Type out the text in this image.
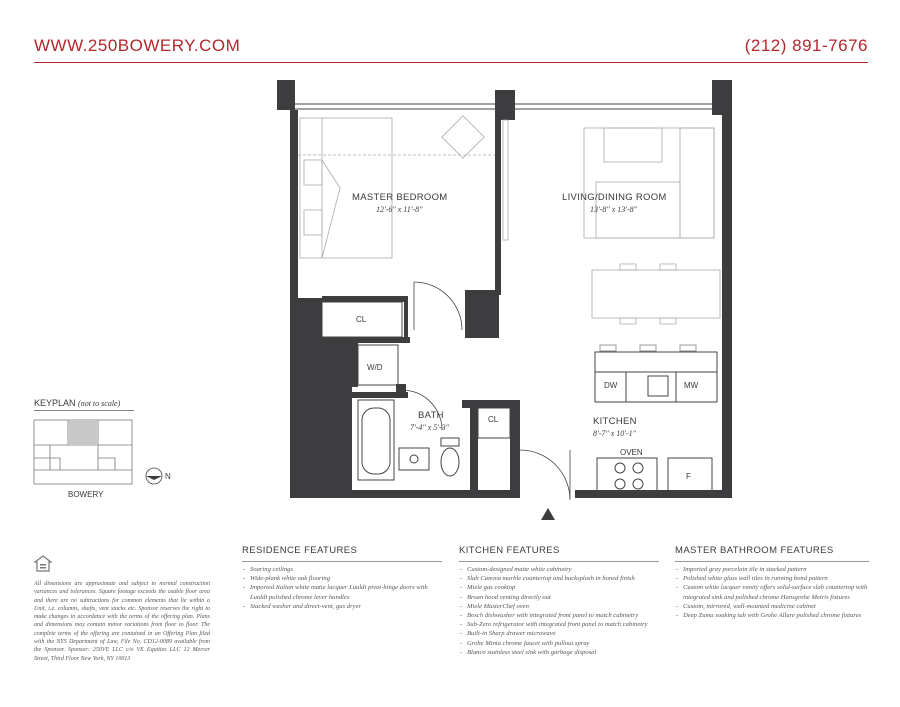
WWW.250BOWERY.COM	(212) 891-7676
MASTER BEDROOM
12'-6" x 11'-8"
LIVING/DINING ROOM
13'-8" x 13'-8"
BATH
7'-4" x 5'-3"
KITCHEN
8'-7" x 10'-1"
CL
CL
W/D
DW	MW
OVEN
F
N
BOWERY
KEYPLAN (not to scale)
All dimensions are approximate and subject to normal construction variances and tolerances. Square footage exceeds the usable floor area and there are no subtractions for common elements that lie within a Unit, i.e. columns, shafts, vent stacks etc. Sponsor reserves the right to make changes in accordance with the terms of the offering plan. Plans and dimensions may contain minor variations from floor to floor. The complete terms of the offering are contained in an Offering Plan filed with the NYS Department of Law, File No. CD12-0089 available from the Sponsor. Sponsor: 250VE LLC c/o VE Equities LLC 12 Mercer Street, Third Floor New York, NY 10013
RESIDENCE FEATURES
- Soaring ceilings
- Wide-plank white oak flooring
- Imported Italian white matte lacquer Lualdi pivot-hinge doors with Lualdi polished chrome lever handles
- Stacked washer and direct-vent, gas dryer
KITCHEN FEATURES
- Custom-designed matte white cabinetry
- Slab Canova marble countertop and backsplash in honed finish
- Miele gas cooktop
- Broan hood venting directly out
- Miele MasterChef oven
- Bosch dishwasher with integrated front panel to match cabinetry
- Sub-Zero refrigerator with integrated front panel to match cabinetry
- Built-in Sharp drawer microwave
- Grohe Minta chrome faucet with pullout spray
- Blanco stainless steel sink with garbage disposal
MASTER BATHROOM FEATURES
- Imported gray porcelain tile in stacked pattern
- Polished white glass wall tiles in running bond pattern
- Custom white lacquer vanity offers solid-surface slab countertop with integrated sink and polished chrome Hansgrohe Metris fixtures
- Custom, mirrored, wall-mounted medicine cabinet
- Deep Zuma soaking tub with Grohe Allure polished chrome fixtures
